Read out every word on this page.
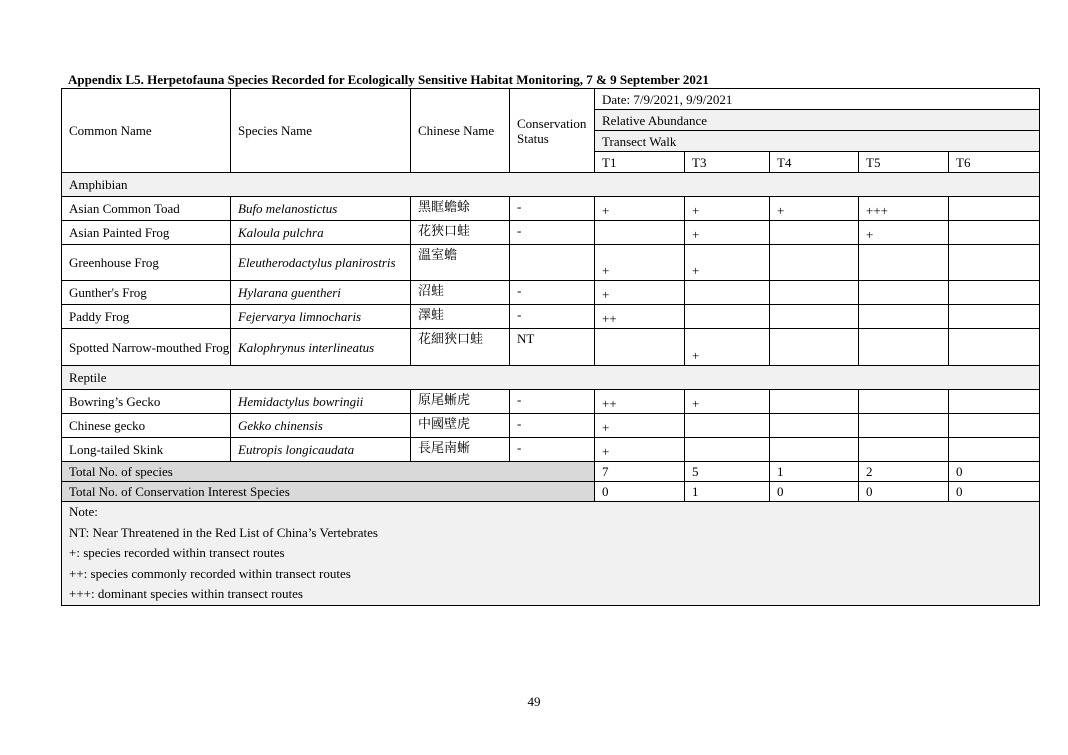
Appendix L5. Herpetofauna Species Recorded for Ecologically Sensitive Habitat Monitoring, 7 & 9 September 2021
Common Name	Species Name	Chinese Name	Conservation Status	Date: 7/9/2021, 9/9/2021				
				Relative Abundance				
				Transect Walk				
				T1	T3	T4	T5	T6
Amphibian								
Asian Common Toad	Bufo melanostictus	黑眶蟾蜍	-	+	+	+	+++	
Asian Painted Frog	Kaloula pulchra	花狹口蛙	-		+		+	
Greenhouse Frog	Eleutherodactylus planirostris	溫室蟾		+	+			
Gunther's Frog	Hylarana guentheri	沼蛙	-	+				
Paddy Frog	Fejervarya limnocharis	澤蛙	-	++				
Spotted Narrow-mouthed Frog	Kalophrynus interlineatus	花細狹口蛙	NT		+			
Reptile								
Bowring’s Gecko	Hemidactylus bowringii	原尾蜥虎	-	++	+			
Chinese gecko	Gekko chinensis	中國壁虎	-	+				
Long-tailed Skink	Eutropis longicaudata	長尾南蜥	-	+				
Total No. of species				7	5	1	2	0
Total No. of Conservation Interest Species				0	1	0	0	0

Note:
NT: Near Threatened in the Red List of China’s Vertebrates
+: species recorded within transect routes
++: species commonly recorded within transect routes
+++: dominant species within transect routes								
49
